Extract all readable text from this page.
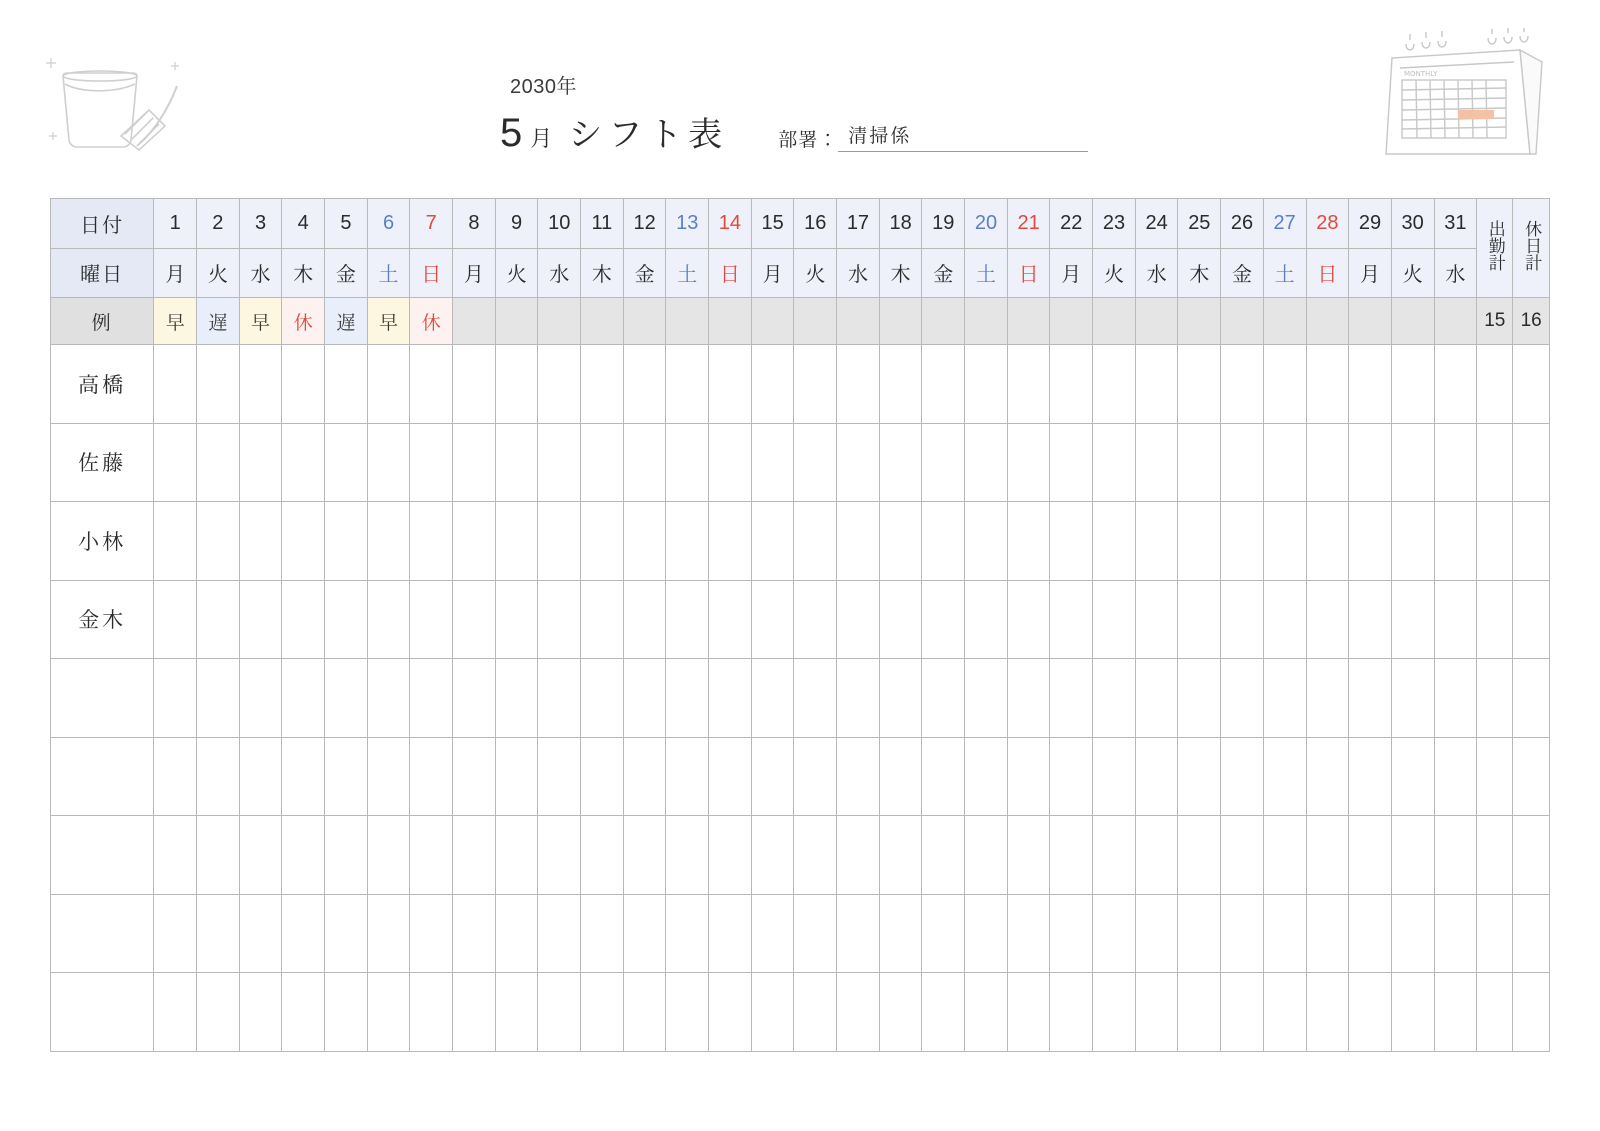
2030年
5 月 シフト表	部署： 清掃係
MONTHLY
日付	1	2	3	4	5	6	7	8	9	10	11	12	13	14	15	16	17	18	19	20	21	22	23	24	25	26	27	28	29	30	31	出勤計	休日計
曜日	月	火	水	木	金	土	日	月	火	水	木	金	土	日	月	火	水	木	金	土	日	月	火	水	木	金	土	日	月	火	水		
例	早	遅	早	休	遅	早	休																									15	16
高橋																																	
佐藤																																	
小林																																	
金木																																	
